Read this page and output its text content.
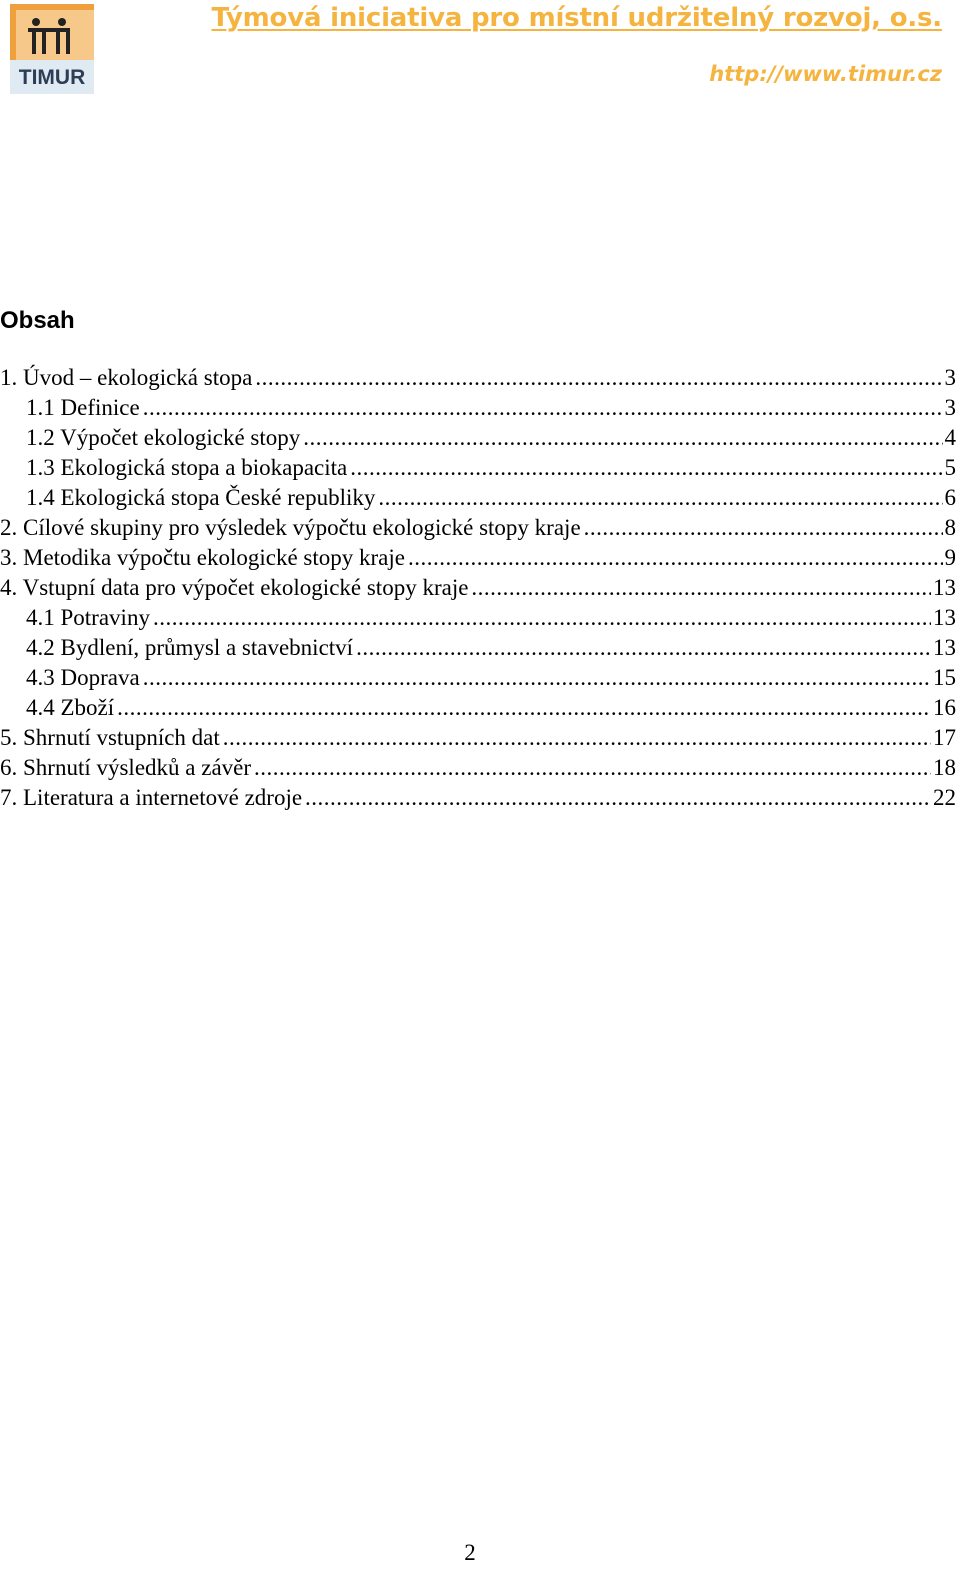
TIMUR
Týmová iniciativa pro místní udržitelný rozvoj, o.s.
http://www.timur.cz
Obsah
1. Úvod – ekologická stopa .....	3
1.1 Definice .....	3
1.2 Výpočet ekologické stopy .....	4
1.3 Ekologická stopa a biokapacita .....	5
1.4 Ekologická stopa České republiky .....	6
2. Cílové skupiny pro výsledek výpočtu ekologické stopy kraje .....	8
3. Metodika výpočtu ekologické stopy kraje .....	9
4. Vstupní data pro výpočet ekologické stopy kraje .....	13
4.1 Potraviny .....	13
4.2 Bydlení, průmysl a stavebnictví .....	13
4.3 Doprava .....	15
4.4 Zboží .....	16
5. Shrnutí vstupních dat .....	17
6. Shrnutí výsledků a závěr .....	18
7. Literatura a internetové zdroje .....	22
2
